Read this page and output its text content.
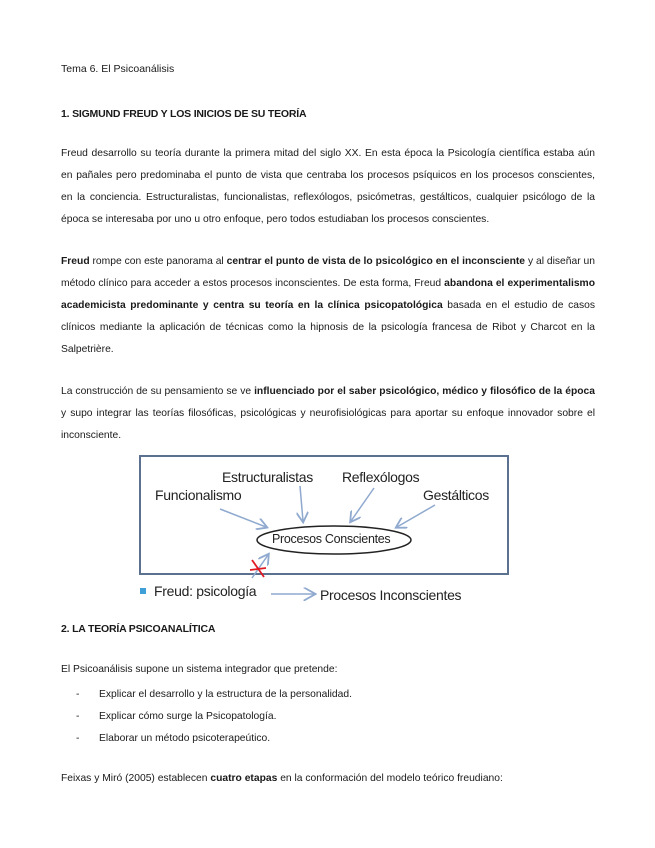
Tema 6. El Psicoanálisis
1. SIGMUND FREUD Y LOS INICIOS DE SU TEORÍA
Freud desarrollo su teoría durante la primera mitad del siglo XX. En esta época la Psicología científica estaba aún en pañales pero predominaba el punto de vista que centraba los procesos psíquicos en los procesos conscientes, en la conciencia. Estructuralistas, funcionalistas, reflexólogos, psicómetras, gestálticos, cualquier psicólogo de la época se interesaba por uno u otro enfoque, pero todos estudiaban los procesos conscientes.
Freud rompe con este panorama al centrar el punto de vista de lo psicológico en el inconsciente y al diseñar un método clínico para acceder a estos procesos inconscientes. De esta forma, Freud abandona el experimentalismo academicista predominante y centra su teoría en la clínica psicopatológica basada en el estudio de casos clínicos mediante la aplicación de técnicas como la hipnosis de la psicología francesa de Ribot y Charcot en la Salpetrière.
La construcción de su pensamiento se ve influenciado por el saber psicológico, médico y filosófico de la época y supo integrar las teorías filosóficas, psicológicas y neurofisiológicas para aportar su enfoque innovador sobre el inconsciente.
Estructuralistas Reflexólogos
Funcionalismo	Gestálticos
Procesos Conscientes
Freud: psicología	Procesos Inconscientes
2. LA TEORÍA PSICOANALÍTICA
El Psicoanálisis supone un sistema integrador que pretende:
- Explicar el desarrollo y la estructura de la personalidad.
- Explicar cómo surge la Psicopatología.
- Elaborar un método psicoterapeútico.
Feixas y Miró (2005) establecen cuatro etapas en la conformación del modelo teórico freudiano:
